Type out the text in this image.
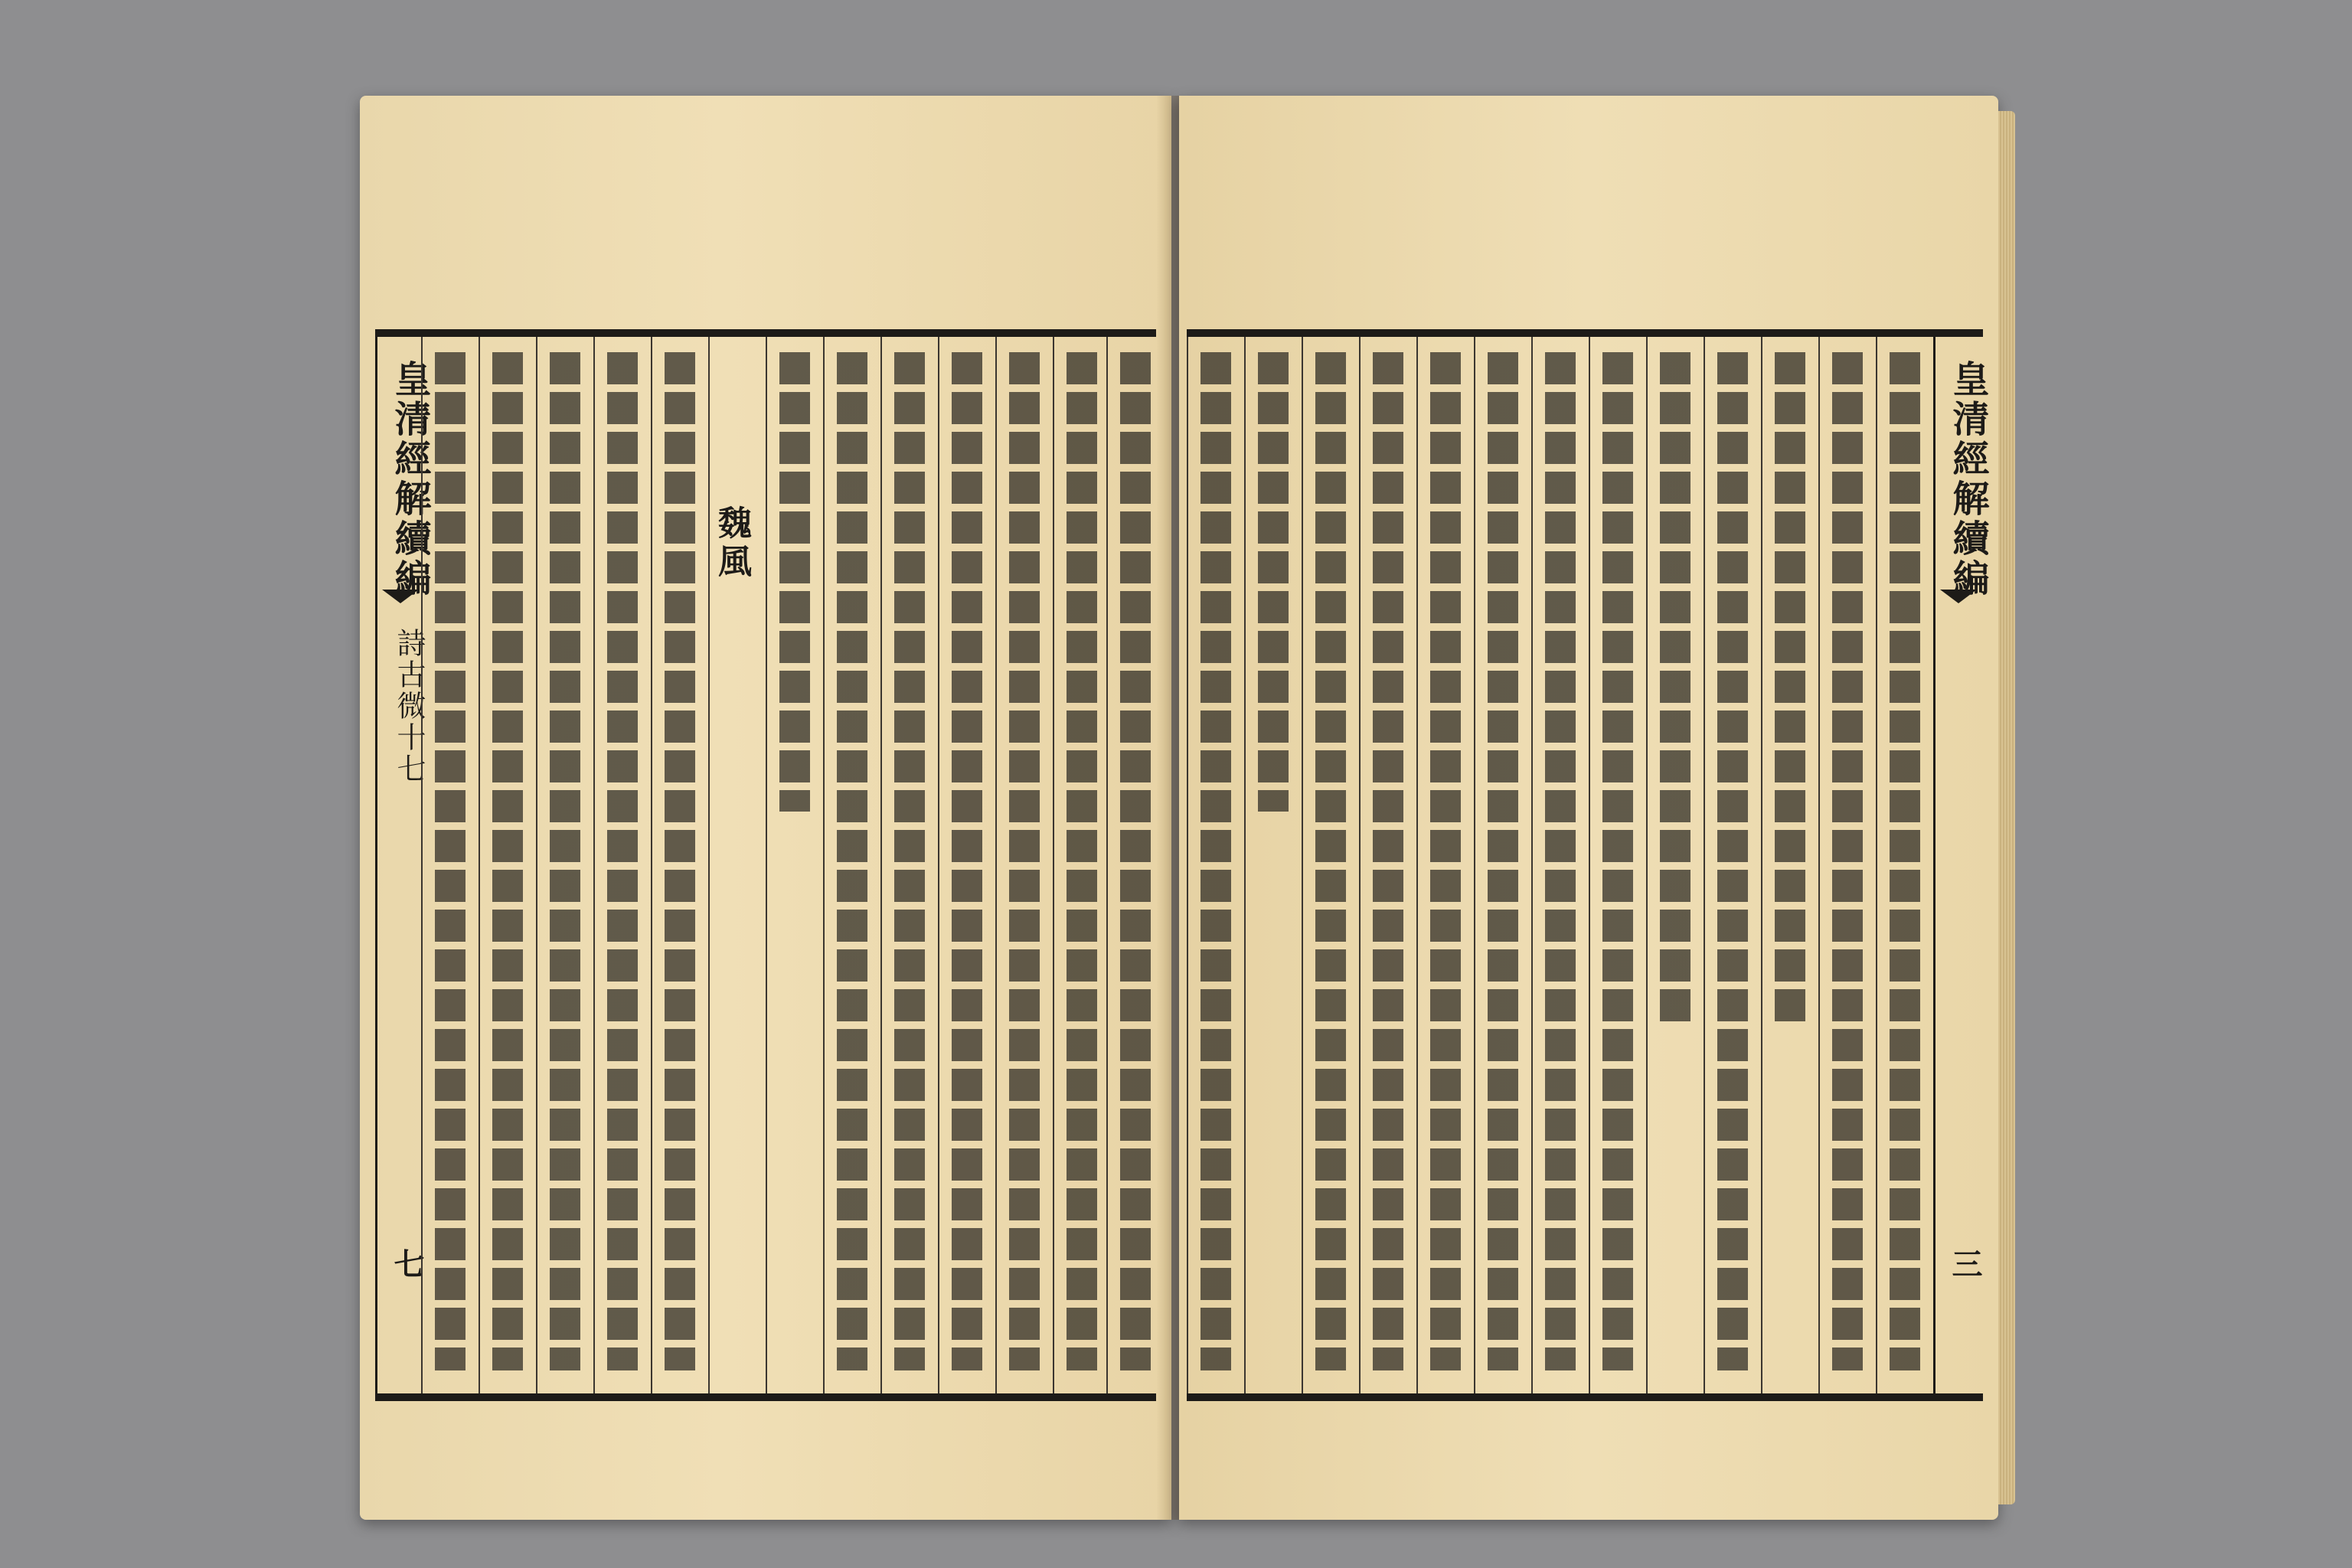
皇清經解續編
詩古微十七
七
魏風	皇清經解續編
三
